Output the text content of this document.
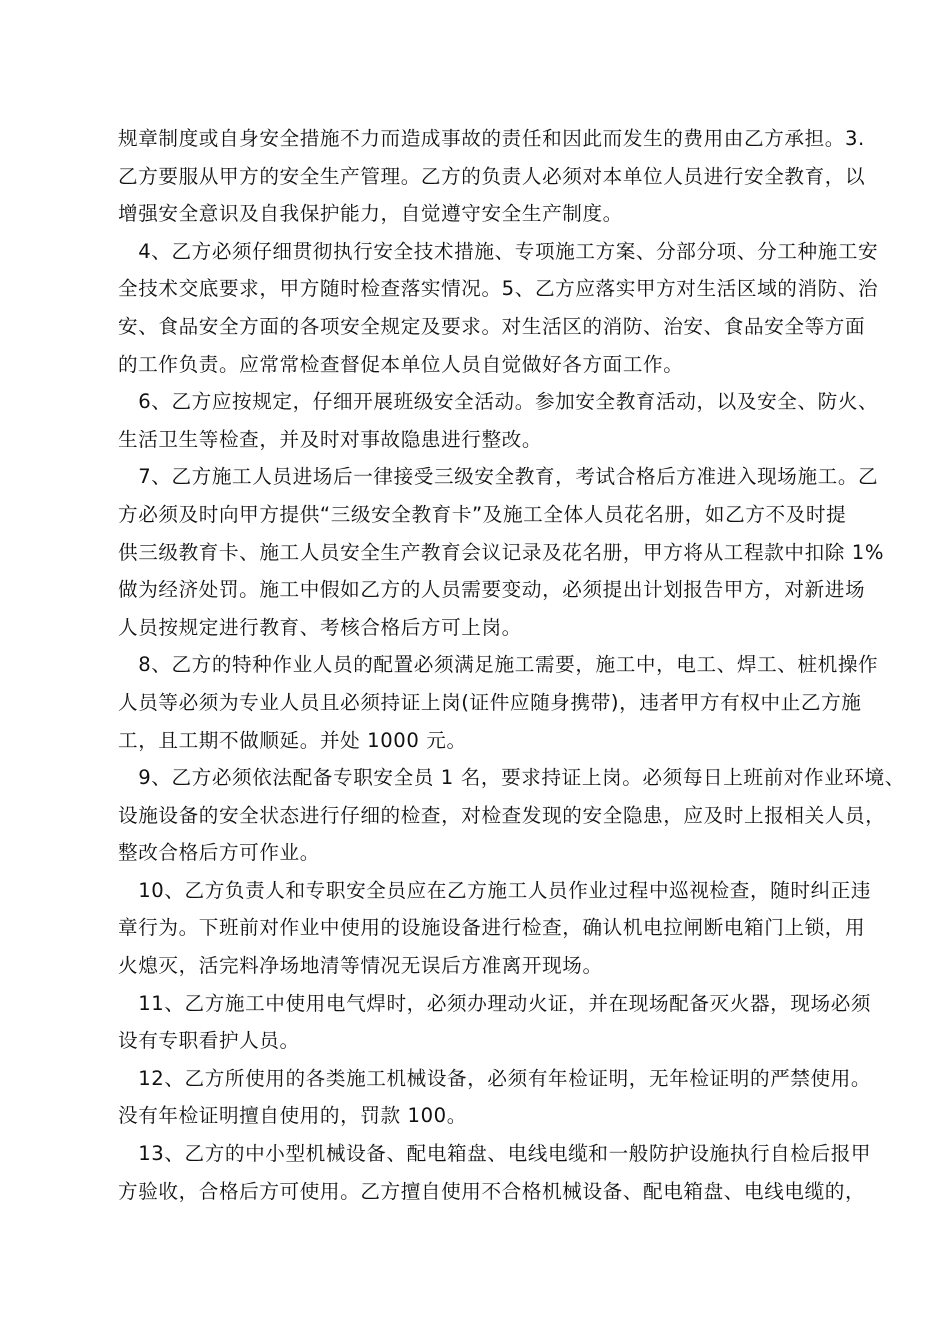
规章制度或自身安全措施不力而造成事故的责任和因此而发生的费用由乙方承担。3.
乙方要服从甲方的安全生产管理。乙方的负责人必须对本单位人员进行安全教育，以
增强安全意识及自我保护能力，自觉遵守安全生产制度。
　4、乙方必须仔细贯彻执行安全技术措施、专项施工方案、分部分项、分工种施工安
全技术交底要求，甲方随时检查落实情况。5、乙方应落实甲方对生活区域的消防、治
安、食品安全方面的各项安全规定及要求。对生活区的消防、治安、食品安全等方面
的工作负责。应常常检查督促本单位人员自觉做好各方面工作。
　6、乙方应按规定，仔细开展班级安全活动。参加安全教育活动，以及安全、防火、
生活卫生等检查，并及时对事故隐患进行整改。
　7、乙方施工人员进场后一律接受三级安全教育，考试合格后方准进入现场施工。乙
方必须及时向甲方提供“三级安全教育卡”及施工全体人员花名册，如乙方不及时提
供三级教育卡、施工人员安全生产教育会议记录及花名册，甲方将从工程款中扣除 1%
做为经济处罚。施工中假如乙方的人员需要变动，必须提出计划报告甲方，对新进场
人员按规定进行教育、考核合格后方可上岗。
　8、乙方的特种作业人员的配置必须满足施工需要，施工中，电工、焊工、桩机操作
人员等必须为专业人员且必须持证上岗(证件应随身携带)，违者甲方有权中止乙方施
工，且工期不做顺延。并处 1000 元。
　9、乙方必须依法配备专职安全员 1 名，要求持证上岗。必须每日上班前对作业环境、
设施设备的安全状态进行仔细的检查，对检查发现的安全隐患，应及时上报相关人员，
整改合格后方可作业。
　10、乙方负责人和专职安全员应在乙方施工人员作业过程中巡视检查，随时纠正违
章行为。下班前对作业中使用的设施设备进行检查，确认机电拉闸断电箱门上锁，用
火熄灭，活完料净场地清等情况无误后方准离开现场。
　11、乙方施工中使用电气焊时，必须办理动火证，并在现场配备灭火器，现场必须
设有专职看护人员。
　12、乙方所使用的各类施工机械设备，必须有年检证明，无年检证明的严禁使用。
没有年检证明擅自使用的，罚款 100。
　13、乙方的中小型机械设备、配电箱盘、电线电缆和一般防护设施执行自检后报甲
方验收，合格后方可使用。乙方擅自使用不合格机械设备、配电箱盘、电线电缆的，
